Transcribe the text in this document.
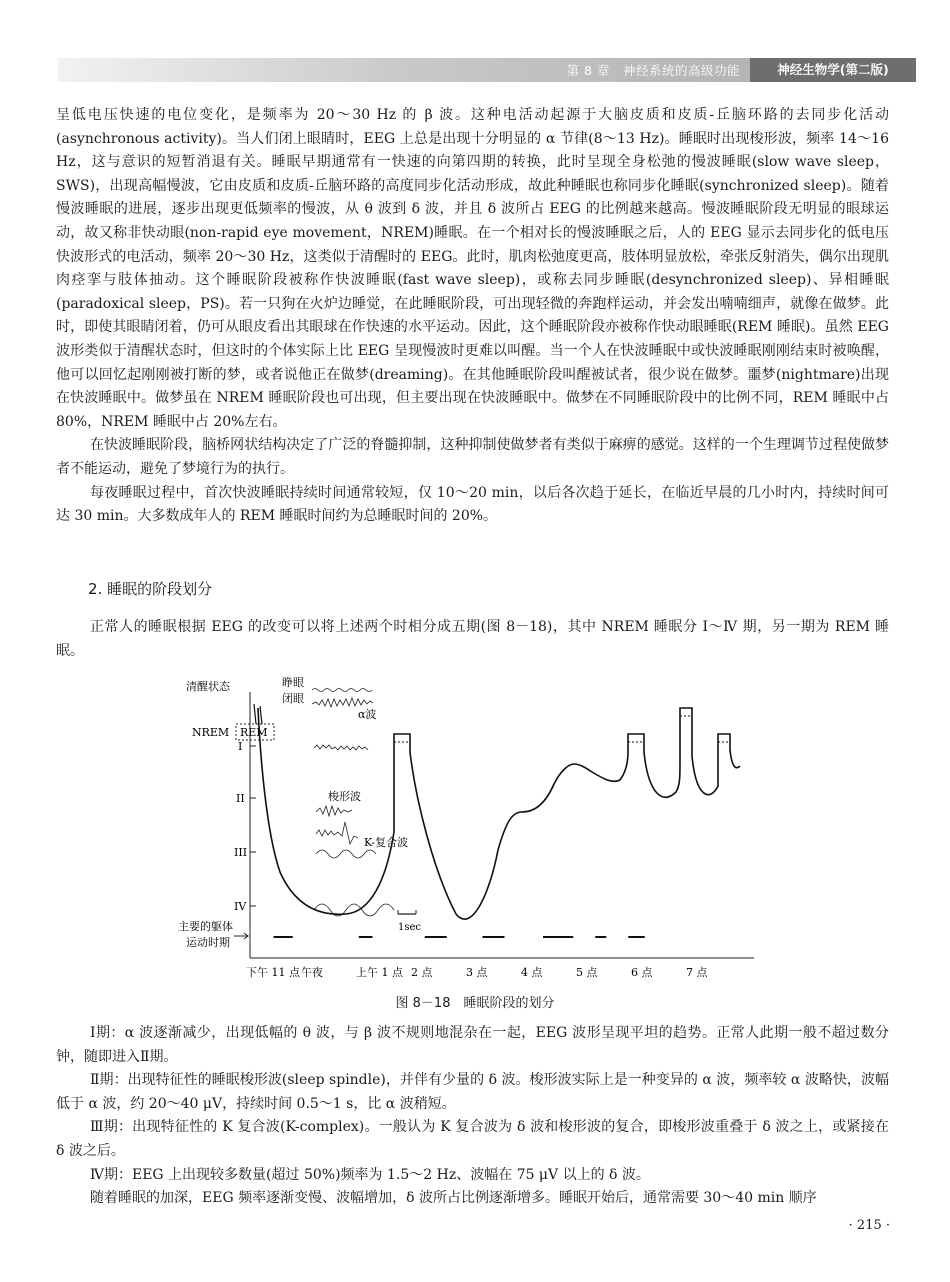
第 8 章　神经系统的高级功能	神经生物学(第二版)

呈低电压快速的电位变化，是频率为 20～30 Hz 的 β 波。这种电活动起源于大脑皮质和皮质-丘脑环路的去同步化活动(asynchronous activity)。当人们闭上眼睛时，EEG 上总是出现十分明显的 α 节律(8～13 Hz)。睡眠时出现梭形波，频率 14～16 Hz，这与意识的短暂消退有关。睡眠早期通常有一快速的向第四期的转换，此时呈现全身松弛的慢波睡眠(slow wave sleep，SWS)，出现高幅慢波，它由皮质和皮质-丘脑环路的高度同步化活动形成，故此种睡眠也称同步化睡眠(synchronized sleep)。随着慢波睡眠的进展，逐步出现更低频率的慢波，从 θ 波到 δ 波，并且 δ 波所占 EEG 的比例越来越高。慢波睡眠阶段无明显的眼球运动，故又称非快动眼(non-rapid eye movement，NREM)睡眠。在一个相对长的慢波睡眠之后，人的 EEG 显示去同步化的低电压快波形式的电活动，频率 20～30 Hz，这类似于清醒时的 EEG。此时，肌肉松弛度更高，肢体明显放松，牵张反射消失，偶尔出现肌肉痉挛与肢体抽动。这个睡眠阶段被称作快波睡眠(fast wave sleep)，或称去同步睡眠(desynchronized sleep)、异相睡眠(paradoxical sleep，PS)。若一只狗在火炉边睡觉，在此睡眠阶段，可出现轻微的奔跑样运动，并会发出喃喃细声，就像在做梦。此时，即使其眼睛闭着，仍可从眼皮看出其眼球在作快速的水平运动。因此，这个睡眠阶段亦被称作快动眼睡眠(REM 睡眠)。虽然 EEG 波形类似于清醒状态时，但这时的个体实际上比 EEG 呈现慢波时更难以叫醒。当一个人在快波睡眠中或快波睡眠刚刚结束时被唤醒，他可以回忆起刚刚被打断的梦，或者说他正在做梦(dreaming)。在其他睡眠阶段叫醒被试者，很少说在做梦。噩梦(nightmare)出现在快波睡眠中。做梦虽在 NREM 睡眠阶段也可出现，但主要出现在快波睡眠中。做梦在不同睡眠阶段中的比例不同，REM 睡眠中占 80%，NREM 睡眠中占 20%左右。

在快波睡眠阶段，脑桥网状结构决定了广泛的脊髓抑制，这种抑制使做梦者有类似于麻痹的感觉。这样的一个生理调节过程使做梦者不能运动，避免了梦境行为的执行。

每夜睡眠过程中，首次快波睡眠持续时间通常较短，仅 10～20 min，以后各次趋于延长，在临近早晨的几小时内，持续时间可达 30 min。大多数成年人的 REM 睡眠时间约为总睡眠时间的 20%。

2. 睡眠的阶段划分

正常人的睡眠根据 EEG 的改变可以将上述两个时相分成五期(图 8－18)，其中 NREM 睡眠分 Ⅰ～Ⅳ 期，另一期为 REM 睡眠。

清醒状态	睁眼
闭眼
α波
NREM REM
I
II
III
IV
梭形波
K-复合波
1sec
主要的躯体
运动时期
下午 11 点 午夜	上午 1 点 2 点	3 点	4 点	5 点	6 点	7 点
图 8－18　睡眠阶段的划分

Ⅰ期：α 波逐渐减少，出现低幅的 θ 波，与 β 波不规则地混杂在一起，EEG 波形呈现平坦的趋势。正常人此期一般不超过数分钟，随即进入Ⅱ期。

Ⅱ期：出现特征性的睡眠梭形波(sleep spindle)，并伴有少量的 δ 波。梭形波实际上是一种变异的 α 波，频率较 α 波略快，波幅低于 α 波，约 20～40 μV，持续时间 0.5～1 s，比 α 波稍短。

Ⅲ期：出现特征性的 K 复合波(K-complex)。一般认为 K 复合波为 δ 波和梭形波的复合，即梭形波重叠于 δ 波之上，或紧接在 δ 波之后。

Ⅳ期：EEG 上出现较多数量(超过 50%)频率为 1.5～2 Hz、波幅在 75 μV 以上的 δ 波。

随着睡眠的加深，EEG 频率逐渐变慢、波幅增加，δ 波所占比例逐渐增多。睡眠开始后，通常需要 30～40 min 顺序

· 215 ·
